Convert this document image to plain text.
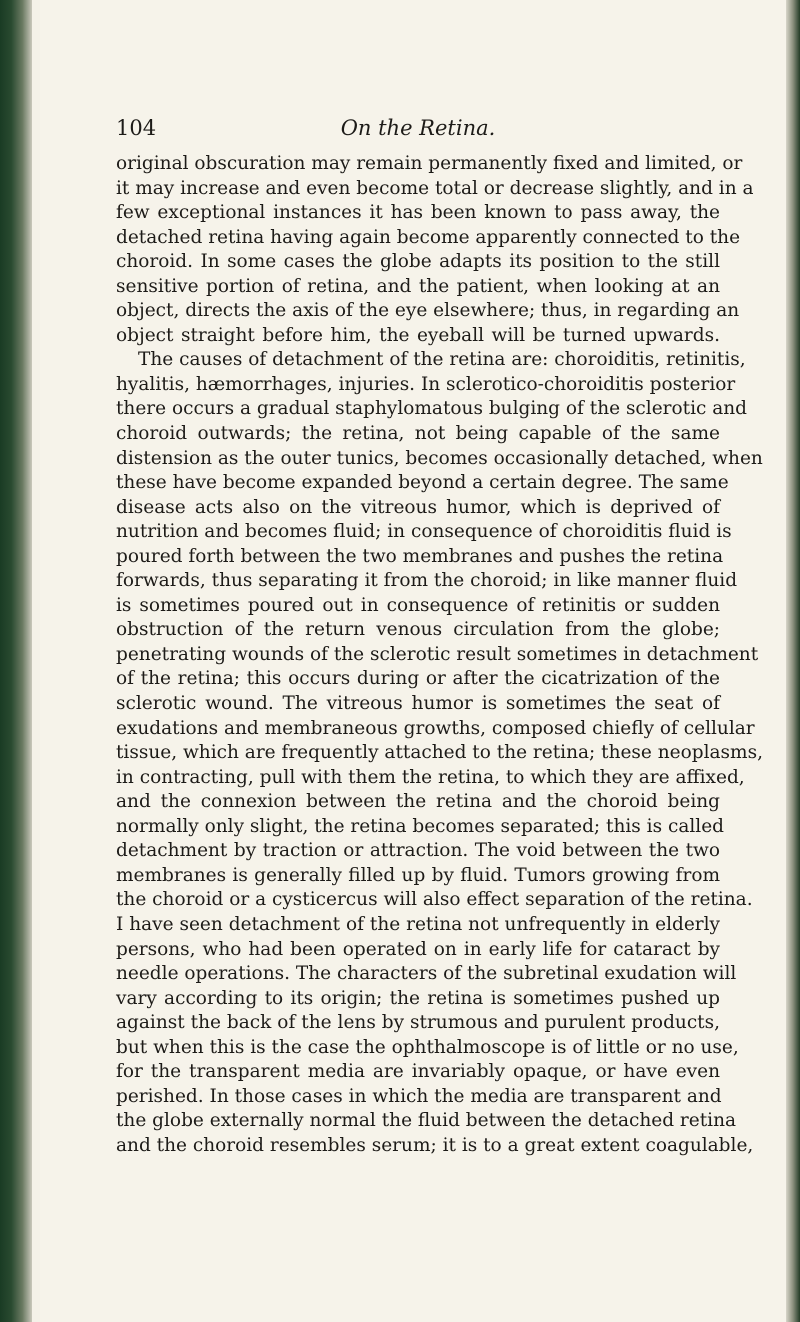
104	On the Retina.
original obscuration may remain permanently fixed and limited, or
it may increase and even become total or decrease slightly, and in a
few exceptional instances it has been known to pass away, the
detached retina having again become apparently connected to the
choroid. In some cases the globe adapts its position to the still
sensitive portion of retina, and the patient, when looking at an
object, directs the axis of the eye elsewhere; thus, in regarding an
object straight before him, the eyeball will be turned upwards.
The causes of detachment of the retina are: choroiditis, retinitis,
hyalitis, hæmorrhages, injuries. In sclerotico-choroiditis posterior
there occurs a gradual staphylomatous bulging of the sclerotic and
choroid outwards; the retina, not being capable of the same
distension as the outer tunics, becomes occasionally detached, when
these have become expanded beyond a certain degree. The same
disease acts also on the vitreous humor, which is deprived of
nutrition and becomes fluid; in consequence of choroiditis fluid is
poured forth between the two membranes and pushes the retina
forwards, thus separating it from the choroid; in like manner fluid
is sometimes poured out in consequence of retinitis or sudden
obstruction of the return venous circulation from the globe;
penetrating wounds of the sclerotic result sometimes in detachment
of the retina; this occurs during or after the cicatrization of the
sclerotic wound. The vitreous humor is sometimes the seat of
exudations and membraneous growths, composed chiefly of cellular
tissue, which are frequently attached to the retina; these neoplasms,
in contracting, pull with them the retina, to which they are affixed,
and the connexion between the retina and the choroid being
normally only slight, the retina becomes separated; this is called
detachment by traction or attraction. The void between the two
membranes is generally filled up by fluid. Tumors growing from
the choroid or a cysticercus will also effect separation of the retina.
I have seen detachment of the retina not unfrequently in elderly
persons, who had been operated on in early life for cataract by
needle operations. The characters of the subretinal exudation will
vary according to its origin; the retina is sometimes pushed up
against the back of the lens by strumous and purulent products,
but when this is the case the ophthalmoscope is of little or no use,
for the transparent media are invariably opaque, or have even
perished. In those cases in which the media are transparent and
the globe externally normal the fluid between the detached retina
and the choroid resembles serum; it is to a great extent coagulable,
